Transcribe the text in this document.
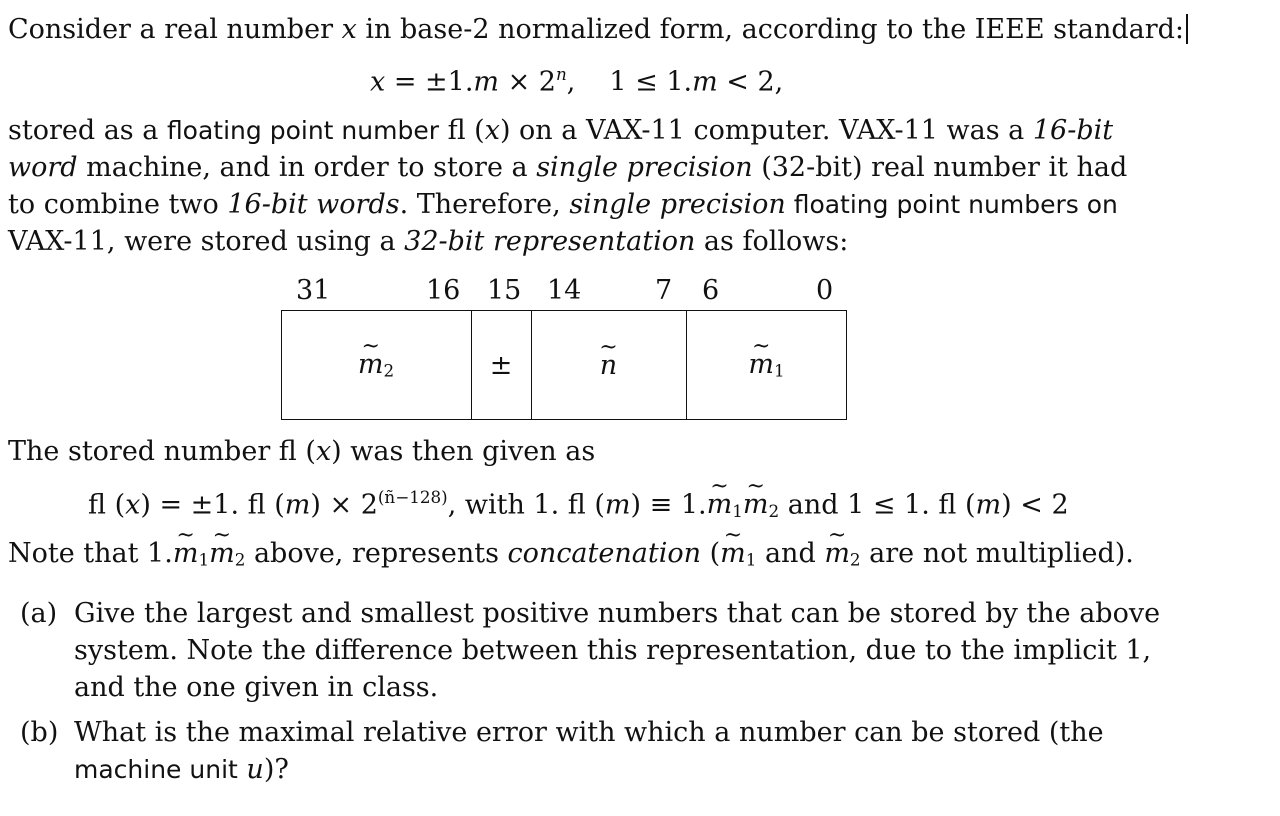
Consider a real number x in base-2 normalized form, according to the IEEE standard:
$x = \pm 1.m \times 2^n$, 1 ≤ 1.m < 2,
stored as a floating point number fl (x) on a VAX-11 computer. VAX-11 was a 16-bit
word machine, and in order to store a single precision (32-bit) real number it had
to combine two 16-bit words. Therefore, single precision floating point numbers on
VAX-11, were stored using a 32-bit representation as follows:
31	16 15 14	7 6	0
~ $m_2$	±	~ n	~ $m_1$
The stored number fl (x) was then given as
fl (x) = ±1. fl $(m) \times 2^{(ñ-128)}$, with 1. fl (m) ≡ 1.~ $m_1\sim$ $m_2$ and 1 ≤ 1. fl (m) < 2
Note that 1.~ $m_1\sim$ $m_2$ above, represents concatenation (~ $m_1$ and ~ $m_2$ are not multiplied).
(a) Give the largest and smallest positive numbers that can be stored by the above
system. Note the difference between this representation, due to the implicit 1,
and the one given in class.
(b) What is the maximal relative error with which a number can be stored (the
machine unit u)?
